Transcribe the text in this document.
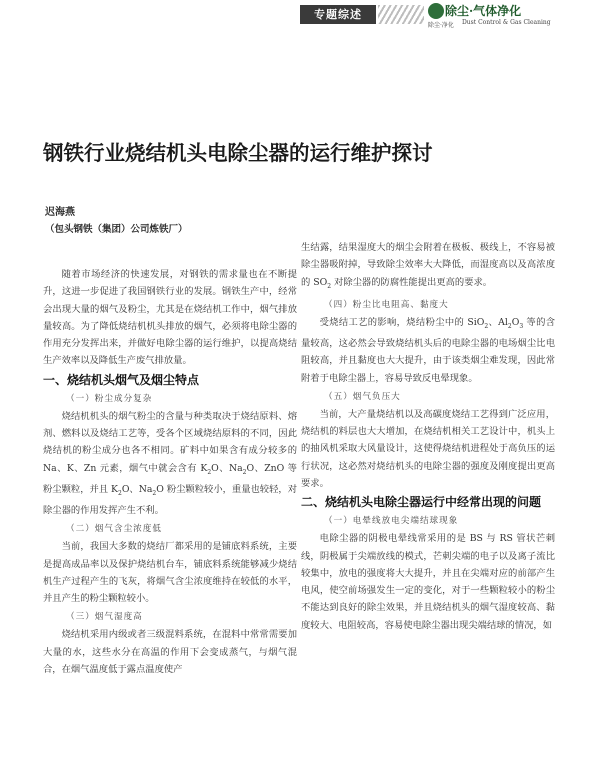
专题综述	除尘·气体净化
除尘·净化 Dust Control & Gas Cleaning
钢铁行业烧结机头电除尘器的运行维护探讨
迟海燕
（包头钢铁（集团）公司炼铁厂）

随着市场经济的快速发展，对钢铁的需求量也在不断提升，这进一步促进了我国钢铁行业的发展。钢铁生产中，经常会出现大量的烟气及粉尘，尤其是在烧结机工作中，烟气排放量较高。为了降低烧结机机头排放的烟气，必须将电除尘器的作用充分发挥出来，并做好电除尘器的运行维护，以提高烧结生产效率以及降低生产废气排放量。

一、烧结机头烟气及烟尘特点
（一）粉尘成分复杂

烧结机机头的烟气粉尘的含量与种类取决于烧结原料、熔剂、燃料以及烧结工艺等，受各个区域烧结原料的不同，因此烧结机的粉尘成分也各不相同。矿料中如果含有成分较多的 Na、K、Zn 元素，烟气中就会含有 $K_2O$、$Na_2O$、ZnO 等粉尘颗粒，并且 $K_2O$、$Na_2O$ 粉尘颗粒较小，重量也较轻，对除尘器的作用发挥产生不利。

（二）烟气含尘浓度低

当前，我国大多数的烧结厂都采用的是铺底料系统，主要是提高成品率以及保护烧结机台车，铺底料系统能够减少烧结机生产过程产生的飞灰，将烟气含尘浓度维持在较低的水平，并且产生的粉尘颗粒较小。

（三）烟气湿度高

烧结机采用内级或者三级混料系统，在混料中常常需要加大量的水，这些水分在高温的作用下会变成蒸气，与烟气混合，在烟气温度低于露点温度使产

生结露，结果湿度大的烟尘会附着在极板、极线上，不容易被除尘器吸附掉，导致除尘效率大大降低，而湿度高以及高浓度的 $SO_2$ 对除尘器的防腐性能提出更高的要求。

（四）粉尘比电阻高、黏度大

受烧结工艺的影响，烧结粉尘中的 SiO$_2$、$Al_2O_3$ 等的含量较高，这必然会导致烧结机头后的电除尘器的电场烟尘比电阻较高，并且黏度也大大提升，由于该类烟尘难发现，因此常附着于电除尘器上，容易导致反电晕现象。

（五）烟气负压大

当前，大产量烧结机以及高碳度烧结工艺得到广泛应用，烧结机的料层也大大增加，在烧结机相关工艺设计中，机头上的抽风机采取大风量设计，这使得烧结机进程处于高负压的运行状况，这必然对烧结机头的电除尘器的强度及刚度提出更高要求。

二、烧结机头电除尘器运行中经常出现的问题
（一）电晕线放电尖端结球现象

电除尘器的阴极电晕线常采用的是 BS 与 RS 管状芒刺线，阴极属于尖端放线的模式，芒刺尖端的电子以及离子流比较集中，放电的强度将大大提升，并且在尖端对应的前部产生电风，使空前场强发生一定的变化，对于一些颗粒较小的粉尘不能达到良好的除尘效果，并且烧结机头的烟气湿度较高、黏度较大、电阻较高，容易使电除尘器出现尖端结球的情况，如
